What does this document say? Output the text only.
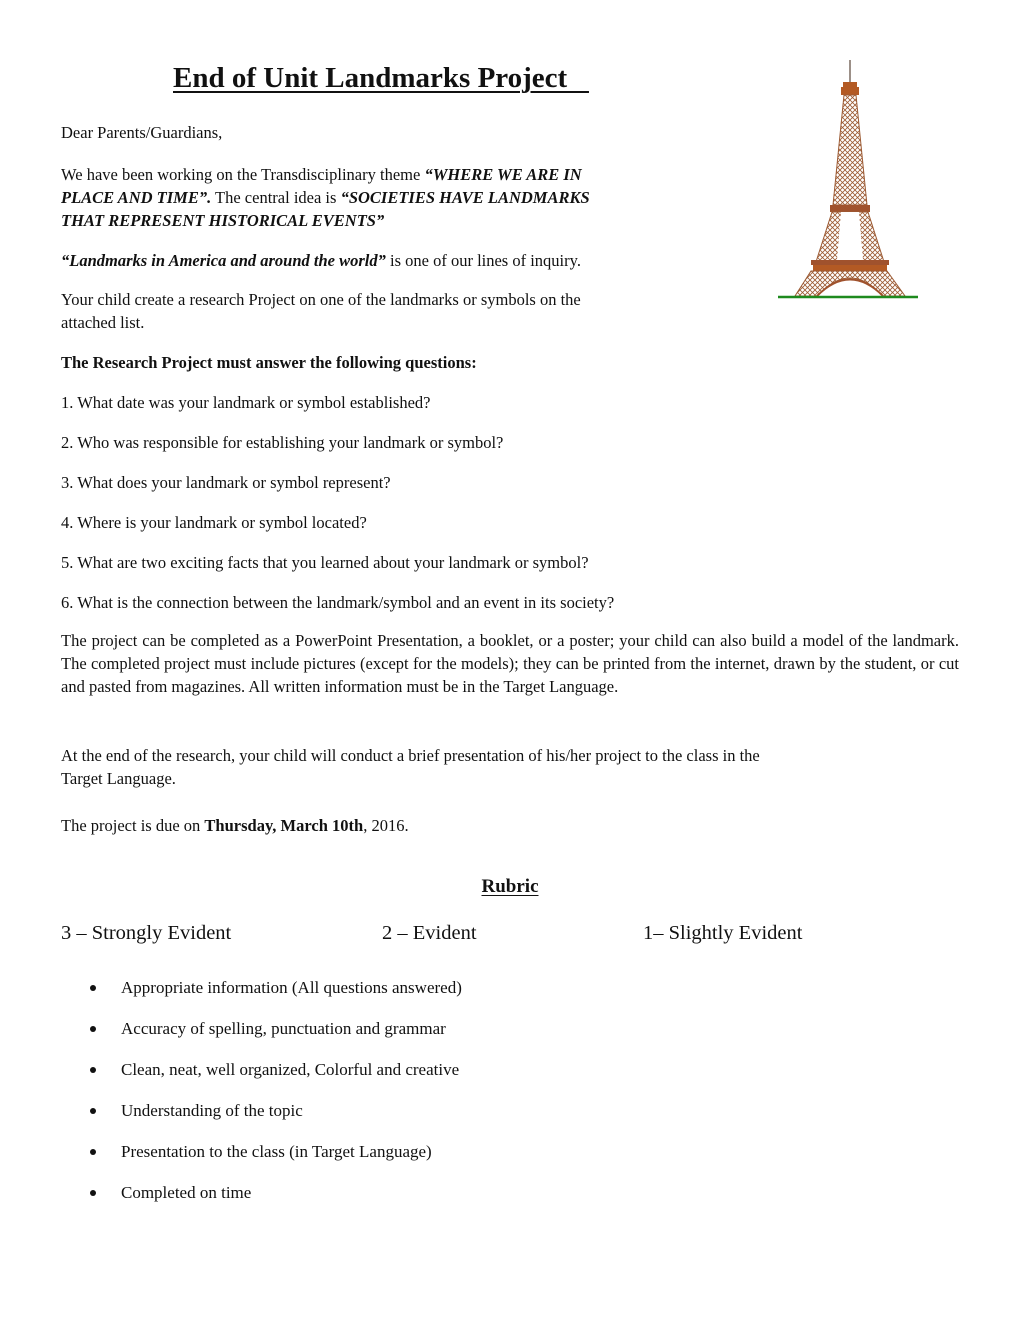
End of Unit Landmarks Project
Dear Parents/Guardians,
We have been working on the Transdisciplinary theme “WHERE WE ARE IN
PLACE AND TIME”. The central idea is “SOCIETIES HAVE LANDMARKS
THAT REPRESENT HISTORICAL EVENTS”
“Landmarks in America and around the world” is one of our lines of inquiry.
Your child create a research Project on one of the landmarks or symbols on the
attached list.
The Research Project must answer the following questions:
1. What date was your landmark or symbol established?
2. Who was responsible for establishing your landmark or symbol?
3. What does your landmark or symbol represent?
4. Where is your landmark or symbol located?
5. What are two exciting facts that you learned about your landmark or symbol?
6. What is the connection between the landmark/symbol and an event in its society?
The project can be completed as a PowerPoint Presentation, a booklet, or a poster; your child can also build a model of the landmark. The completed project must include pictures (except for the models); they can be printed from the internet, drawn by the student, or cut and pasted from magazines. All written information must be in the Target Language.
At the end of the research, your child will conduct a brief presentation of his/her project to the class in the
Target Language.
The project is due on Thursday, March 10th, 2016.
Rubric
3 – Strongly Evident	2 – Evident	1– Slightly Evident
Appropriate information (All questions answered)
Accuracy of spelling, punctuation and grammar
Clean, neat, well organized, Colorful and creative
Understanding of the topic
Presentation to the class (in Target Language)
Completed on time
